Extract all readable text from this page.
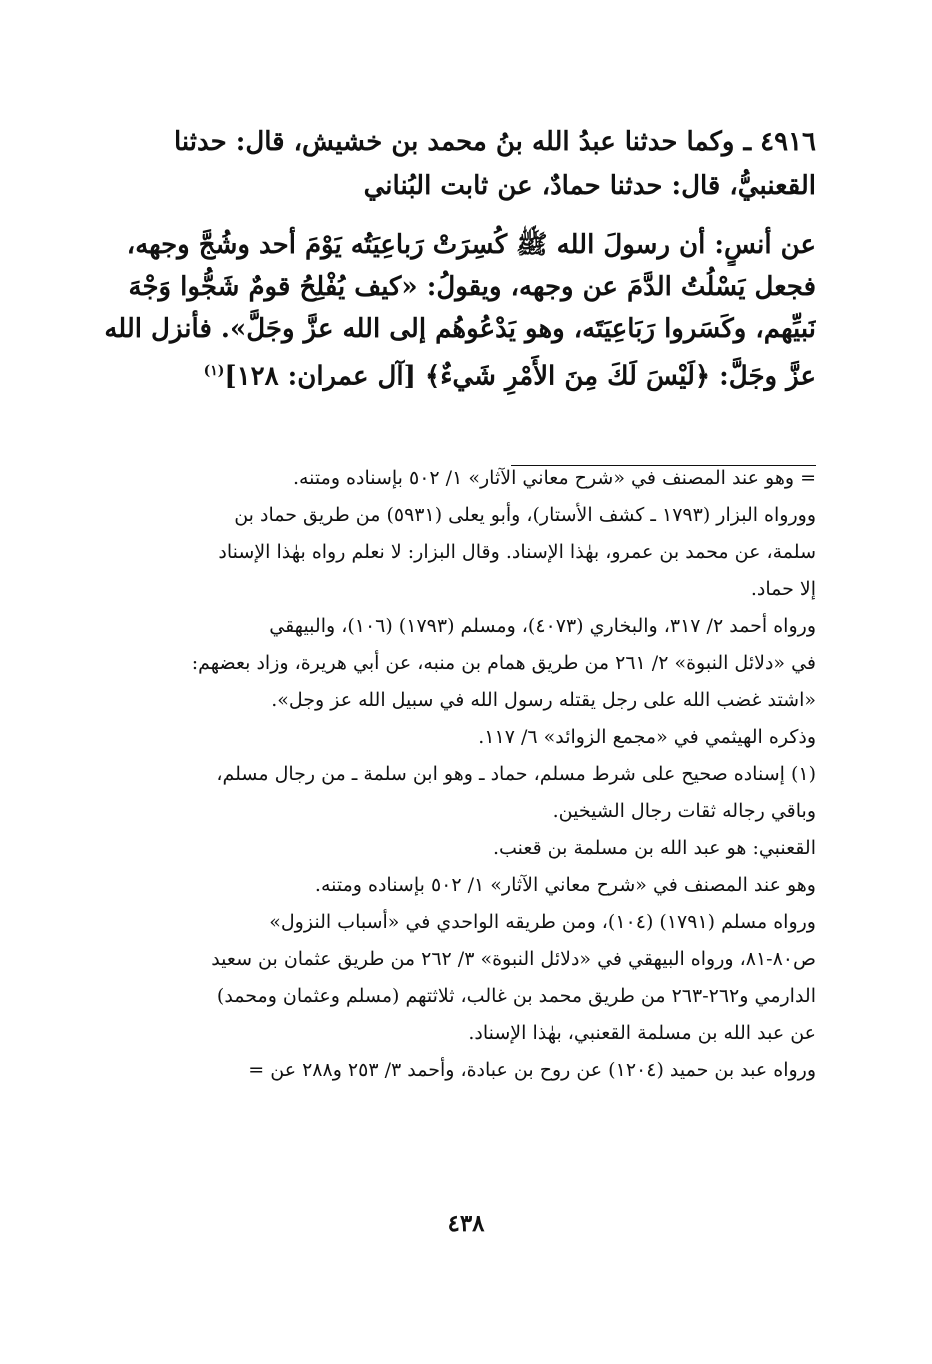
٤٩١٦ ـ وكما حدثنا عبدُ الله بنُ محمد بن خشيش، قال: حدثنا
القعنبيُّ، قال: حدثنا حمادٌ، عن ثابت البُناني
عن أنسٍ: أن رسولَ الله ﷺ كُسِرَتْ رَباعِيَتُه يَوْمَ أحد وشُجَّ وجهه،
فجعل يَسْلُتُ الدَّمَ عن وجهه، ويقولُ: «كيف يُفْلِحُ قومٌ شَجُّوا وَجْهَ
نَبيِّهم، وكَسَروا رَبَاعِيَتَه، وهو يَدْعُوهُم إلى الله عزَّ وجَلَّ». فأنزل الله
عزَّ وجَلَّ: ﴿لَيْسَ لَكَ مِنَ الأَمْرِ شَيءٌ﴾ [آل عمران: ١٢٨]$^{(١)}$
= وهو عند المصنف في «شرح معاني الآثار» ١/ ٥٠٢ بإسناده ومتنه.
وورواه البزار (١٧٩٣ ـ كشف الأستار)، وأبو يعلى (٥٩٣١) من طريق حماد بن
سلمة، عن محمد بن عمرو، بهٰذا الإسناد. وقال البزار: لا نعلم رواه بهٰذا الإسناد
إلا حماد.
ورواه أحمد ٢/ ٣١٧، والبخاري (٤٠٧٣)، ومسلم (١٧٩٣) (١٠٦)، والبيهقي
في «دلائل النبوة» ٢/ ٢٦١ من طريق همام بن منبه، عن أبي هريرة، وزاد بعضهم:
«اشتد غضب الله على رجل يقتله رسول الله في سبيل الله عز وجل».
وذكره الهيثمي في «مجمع الزوائد» ٦/ ١١٧.
(١) إسناده صحيح على شرط مسلم، حماد ـ وهو ابن سلمة ـ من رجال مسلم،
وباقي رجاله ثقات رجال الشيخين.
القعنبي: هو عبد الله بن مسلمة بن قعنب.
وهو عند المصنف في «شرح معاني الآثار» ١/ ٥٠٢ بإسناده ومتنه.
ورواه مسلم (١٧٩١) (١٠٤)، ومن طريقه الواحدي في «أسباب النزول»
ص٨٠-٨١، ورواه البيهقي في «دلائل النبوة» ٣/ ٢٦٢ من طريق عثمان بن سعيد
الدارمي و٢٦٢-٢٦٣ من طريق محمد بن غالب، ثلاثتهم (مسلم وعثمان ومحمد)
عن عبد الله بن مسلمة القعنبي، بهٰذا الإسناد.
ورواه عبد بن حميد (١٢٠٤) عن روح بن عبادة، وأحمد ٣/ ٢٥٣ و٢٨٨ عن =
٤٣٨
